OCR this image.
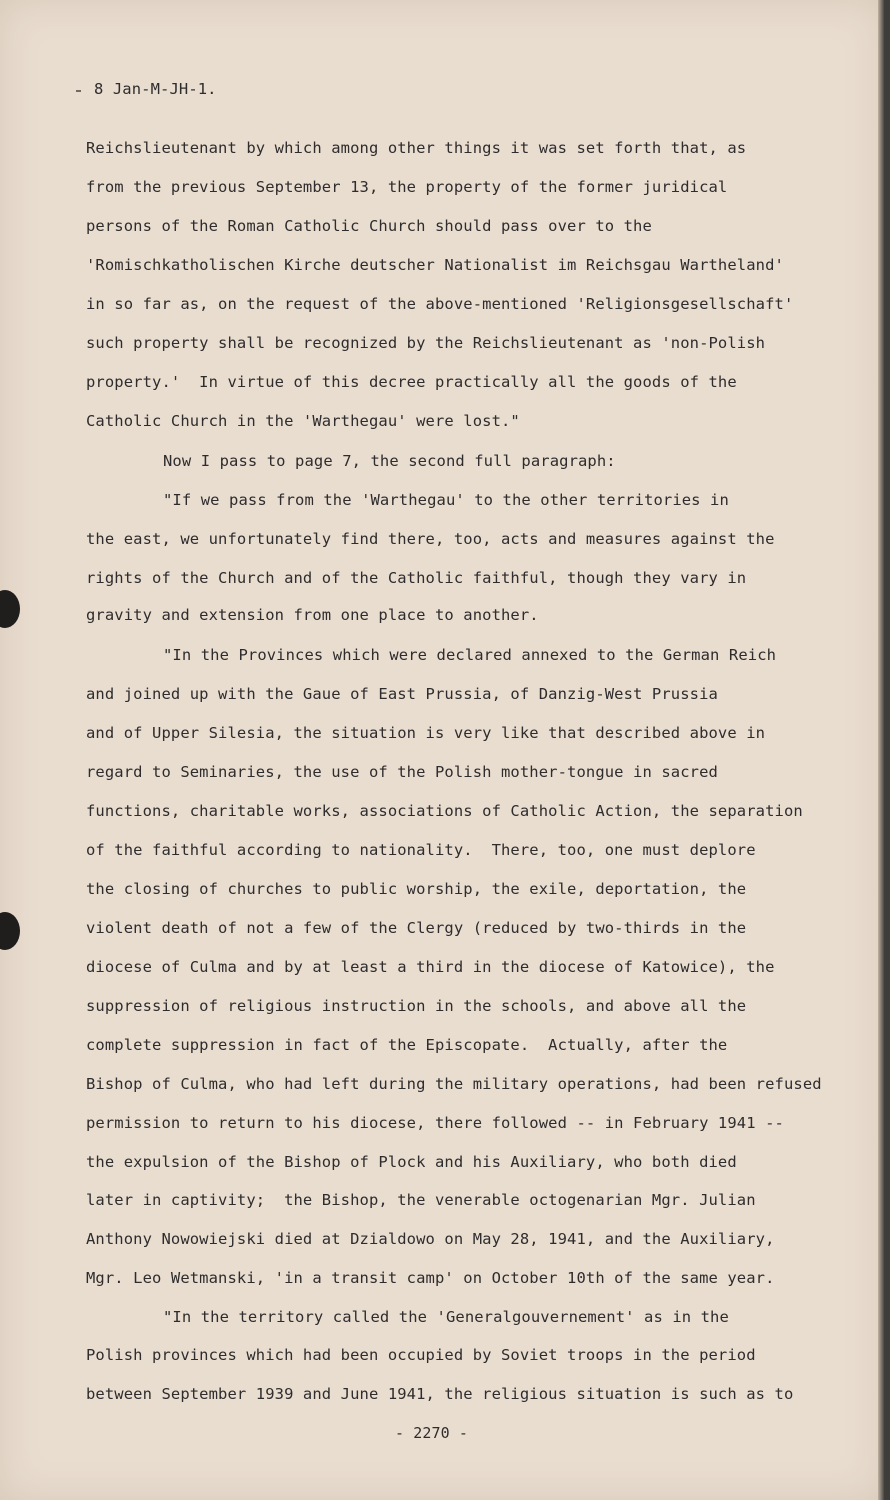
8 Jan-M-JH-1.
Reichslieutenant by which among other things it was set forth that, as
from the previous September 13, the property of the former juridical
persons of the Roman Catholic Church should pass over to the
'Romischkatholischen Kirche deutscher Nationalist im Reichsgau Wartheland'
in so far as, on the request of the above-mentioned 'Religionsgesellschaft'
such property shall be recognized by the Reichslieutenant as 'non-Polish
property.'  In virtue of this decree practically all the goods of the
Catholic Church in the 'Warthegau' were lost."
Now I pass to page 7, the second full paragraph:
"If we pass from the 'Warthegau' to the other territories in
the east, we unfortunately find there, too, acts and measures against the
rights of the Church and of the Catholic faithful, though they vary in
gravity and extension from one place to another.
"In the Provinces which were declared annexed to the German Reich
and joined up with the Gaue of East Prussia, of Danzig-West Prussia
and of Upper Silesia, the situation is very like that described above in
regard to Seminaries, the use of the Polish mother-tongue in sacred
functions, charitable works, associations of Catholic Action, the separation
of the faithful according to nationality.  There, too, one must deplore
the closing of churches to public worship, the exile, deportation, the
violent death of not a few of the Clergy (reduced by two-thirds in the
diocese of Culma and by at least a third in the diocese of Katowice), the
suppression of religious instruction in the schools, and above all the
complete suppression in fact of the Episcopate.  Actually, after the
Bishop of Culma, who had left during the military operations, had been refused
permission to return to his diocese, there followed -- in February 1941 --
the expulsion of the Bishop of Plock and his Auxiliary, who both died
later in captivity;  the Bishop, the venerable octogenarian Mgr. Julian
Anthony Nowowiejski died at Dzialdowo on May 28, 1941, and the Auxiliary,
Mgr. Leo Wetmanski, 'in a transit camp' on October 10th of the same year.
"In the territory called the 'Generalgouvernement' as in the
Polish provinces which had been occupied by Soviet troops in the period
between September 1939 and June 1941, the religious situation is such as to
- 2270 -
